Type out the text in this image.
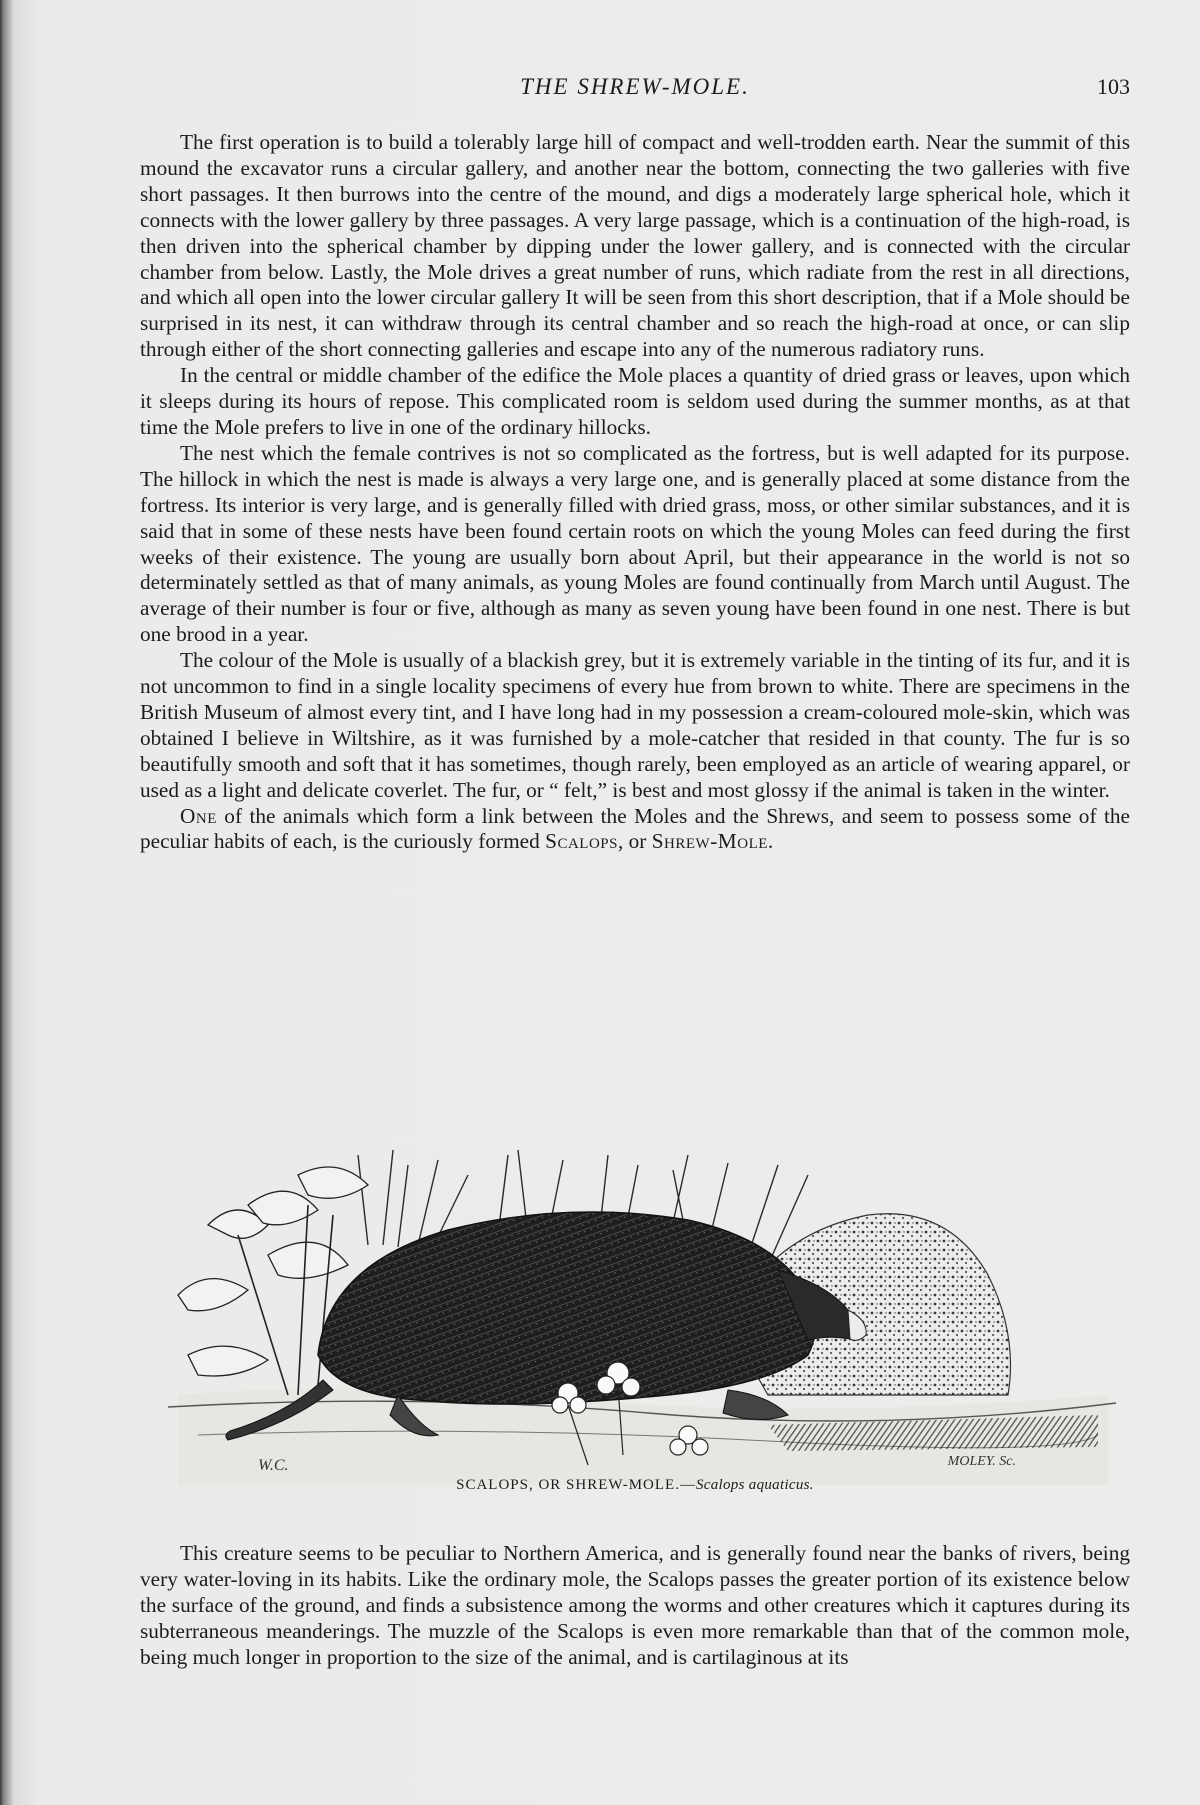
THE SHREW-MOLE.	103

The first operation is to build a tolerably large hill of compact and well-trodden earth. Near the summit of this mound the excavator runs a circular gallery, and another near the bottom, connecting the two galleries with five short passages. It then burrows into the centre of the mound, and digs a moderately large spherical hole, which it connects with the lower gallery by three passages. A very large passage, which is a continuation of the high-road, is then driven into the spherical chamber by dipping under the lower gallery, and is connected with the circular chamber from below. Lastly, the Mole drives a great number of runs, which radiate from the rest in all directions, and which all open into the lower circular gallery It will be seen from this short description, that if a Mole should be surprised in its nest, it can withdraw through its central chamber and so reach the high-road at once, or can slip through either of the short connecting galleries and escape into any of the numerous radiatory runs.

In the central or middle chamber of the edifice the Mole places a quantity of dried grass or leaves, upon which it sleeps during its hours of repose. This complicated room is seldom used during the summer months, as at that time the Mole prefers to live in one of the ordinary hillocks.

The nest which the female contrives is not so complicated as the fortress, but is well adapted for its purpose. The hillock in which the nest is made is always a very large one, and is generally placed at some distance from the fortress. Its interior is very large, and is generally filled with dried grass, moss, or other similar substances, and it is said that in some of these nests have been found certain roots on which the young Moles can feed during the first weeks of their existence. The young are usually born about April, but their appearance in the world is not so determinately settled as that of many animals, as young Moles are found continually from March until August. The average of their number is four or five, although as many as seven young have been found in one nest. There is but one brood in a year.

The colour of the Mole is usually of a blackish grey, but it is extremely variable in the tinting of its fur, and it is not uncommon to find in a single locality specimens of every hue from brown to white. There are specimens in the British Museum of almost every tint, and I have long had in my possession a cream-coloured mole-skin, which was obtained I believe in Wiltshire, as it was furnished by a mole-catcher that resided in that county. The fur is so beautifully smooth and soft that it has sometimes, though rarely, been employed as an article of wearing apparel, or used as a light and delicate coverlet. The fur, or “ felt,” is best and most glossy if the animal is taken in the winter.

One of the animals which form a link between the Moles and the Shrews, and seem to possess some of the peculiar habits of each, is the curiously formed Scalops, or Shrew-Mole.

W.C.	MOLEY. Sc.
SCALOPS, OR SHREW-MOLE.—Scalops aquaticus.

This creature seems to be peculiar to Northern America, and is generally found near the banks of rivers, being very water-loving in its habits. Like the ordinary mole, the Scalops passes the greater portion of its existence below the surface of the ground, and finds a subsistence among the worms and other creatures which it captures during its subterraneous meanderings. The muzzle of the Scalops is even more remarkable than that of the common mole, being much longer in proportion to the size of the animal, and is cartilaginous at its
